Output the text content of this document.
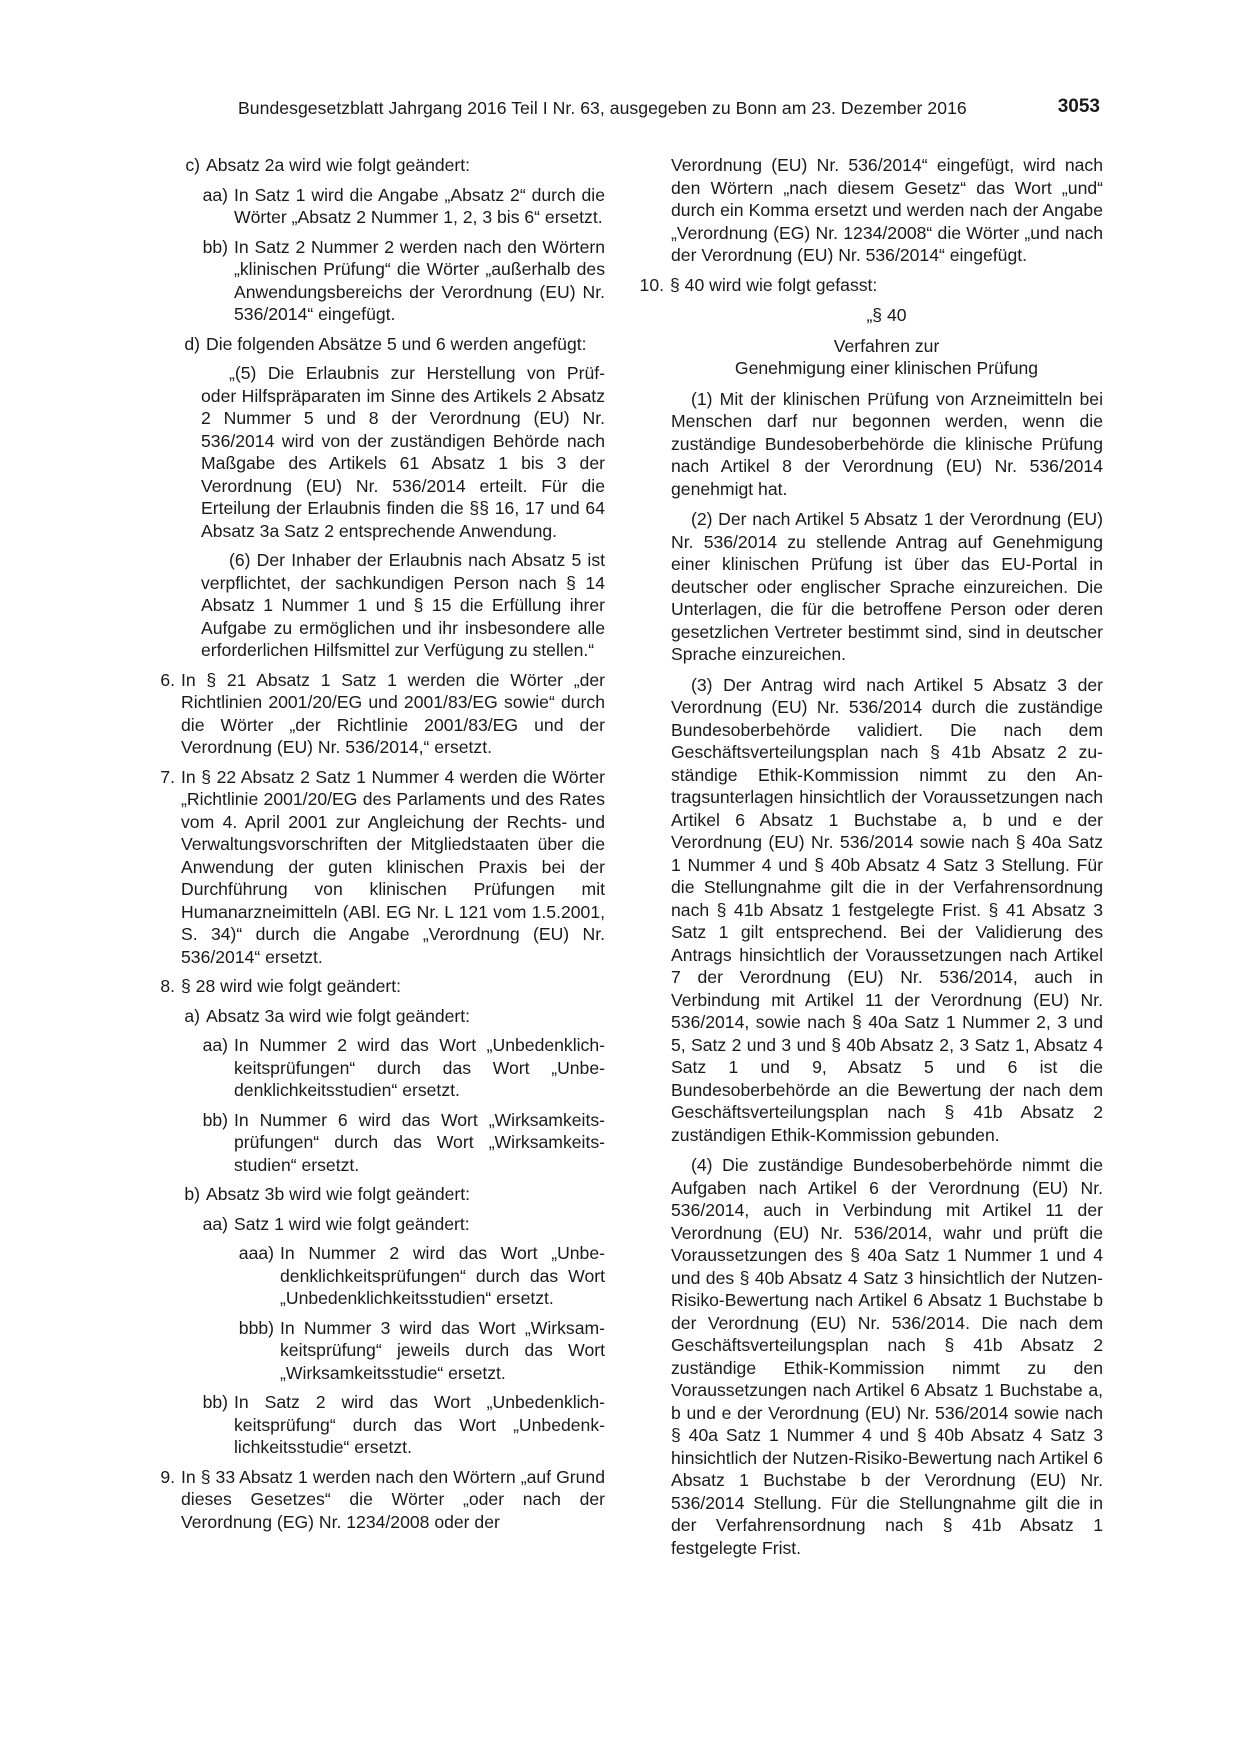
Bundesgesetzblatt Jahrgang 2016 Teil I Nr. 63, ausgegeben zu Bonn am 23. Dezember 2016	3053
c) Absatz 2a wird wie folgt geändert:
aa) In Satz 1 wird die Angabe „Absatz 2“ durch die Wörter „Absatz 2 Nummer 1, 2, 3 bis 6“ ersetzt.
bb) In Satz 2 Nummer 2 werden nach den Wörtern „klinischen Prüfung“ die Wörter „außerhalb des Anwendungsbereichs der Verordnung (EU) Nr. 536/2014“ eingefügt.
d) Die folgenden Absätze 5 und 6 werden angefügt:

„(5) Die Erlaubnis zur Herstellung von Prüf- oder Hilfspräparaten im Sinne des Artikels 2 Absatz 2 Nummer 5 und 8 der Verordnung (EU) Nr. 536/2014 wird von der zuständigen Behörde nach Maßgabe des Artikels 61 Absatz 1 bis 3 der Verordnung (EU) Nr. 536/2014 erteilt. Für die Erteilung der Erlaubnis finden die §§ 16, 17 und 64 Absatz 3a Satz 2 entsprechende Anwendung.

(6) Der Inhaber der Erlaubnis nach Absatz 5 ist verpflichtet, der sachkundigen Person nach § 14 Absatz 1 Nummer 1 und § 15 die Erfüllung ihrer Aufgabe zu ermöglichen und ihr insbesondere alle erforderlichen Hilfsmittel zur Verfügung zu stellen.“

6. In § 21 Absatz 1 Satz 1 werden die Wörter „der Richtlinien 2001/20/EG und 2001/83/EG sowie“ durch die Wörter „der Richtlinie 2001/83/EG und der Verordnung (EU) Nr. 536/2014,“ ersetzt.
7. In § 22 Absatz 2 Satz 1 Nummer 4 werden die Wörter „Richtlinie 2001/20/EG des Parlaments und des Rates vom 4. April 2001 zur Angleichung der Rechts- und Verwaltungsvorschriften der Mitgliedstaaten über die Anwendung der guten klinischen Praxis bei der Durchführung von klinischen Prüfungen mit Humanarzneimitteln (ABl. EG Nr. L 121 vom 1.5.2001, S. 34)“ durch die Angabe „Verordnung (EU) Nr. 536/2014“ ersetzt.
8. § 28 wird wie folgt geändert:
a) Absatz 3a wird wie folgt geändert:
aa) In Nummer 2 wird das Wort „Unbedenklichkeitsprüfungen“ durch das Wort „Unbedenklichkeitsstudien“ ersetzt.
bb) In Nummer 6 wird das Wort „Wirksamkeitsprüfungen“ durch das Wort „Wirksamkeitsstudien“ ersetzt.
b) Absatz 3b wird wie folgt geändert:
aa) Satz 1 wird wie folgt geändert:
aaa) In Nummer 2 wird das Wort „Unbedenklichkeitsprüfungen“ durch das Wort „Unbedenklichkeitsstudien“ ersetzt.
bbb) In Nummer 3 wird das Wort „Wirksamkeitsprüfung“ jeweils durch das Wort „Wirksamkeitsstudie“ ersetzt.
bb) In Satz 2 wird das Wort „Unbedenklichkeitsprüfung“ durch das Wort „Unbedenklichkeitsstudie“ ersetzt.
9. In § 33 Absatz 1 werden nach den Wörtern „auf Grund dieses Gesetzes“ die Wörter „oder nach der Verordnung (EG) Nr. 1234/2008 oder der

Verordnung (EU) Nr. 536/2014“ eingefügt, wird nach den Wörtern „nach diesem Gesetz“ das Wort „und“ durch ein Komma ersetzt und werden nach der Angabe „Verordnung (EG) Nr. 1234/2008“ die Wörter „und nach der Verordnung (EU) Nr. 536/2014“ eingefügt.

10. § 40 wird wie folgt gefasst:

„§ 40

Verfahren zur

Genehmigung einer klinischen Prüfung

(1) Mit der klinischen Prüfung von Arzneimitteln bei Menschen darf nur begonnen werden, wenn die zuständige Bundesoberbehörde die klinische Prüfung nach Artikel 8 der Verordnung (EU) Nr. 536/2014 genehmigt hat.

(2) Der nach Artikel 5 Absatz 1 der Verordnung (EU) Nr. 536/2014 zu stellende Antrag auf Genehmigung einer klinischen Prüfung ist über das EU-Portal in deutscher oder englischer Sprache einzureichen. Die Unterlagen, die für die betroffene Person oder deren gesetzlichen Vertreter bestimmt sind, sind in deutscher Sprache einzureichen.

(3) Der Antrag wird nach Artikel 5 Absatz 3 der Verordnung (EU) Nr. 536/2014 durch die zuständige Bundesoberbehörde validiert. Die nach dem Geschäftsverteilungsplan nach § 41b Absatz 2 zuständige Ethik-Kommission nimmt zu den Antragsunterlagen hinsichtlich der Voraussetzungen nach Artikel 6 Absatz 1 Buchstabe a, b und e der Verordnung (EU) Nr. 536/2014 sowie nach § 40a Satz 1 Nummer 4 und § 40b Absatz 4 Satz 3 Stellung. Für die Stellungnahme gilt die in der Verfahrensordnung nach § 41b Absatz 1 festgelegte Frist. § 41 Absatz 3 Satz 1 gilt entsprechend. Bei der Validierung des Antrags hinsichtlich der Voraussetzungen nach Artikel 7 der Verordnung (EU) Nr. 536/2014, auch in Verbindung mit Artikel 11 der Verordnung (EU) Nr. 536/2014, sowie nach § 40a Satz 1 Nummer 2, 3 und 5, Satz 2 und 3 und § 40b Absatz 2, 3 Satz 1, Absatz 4 Satz 1 und 9, Absatz 5 und 6 ist die Bundesoberbehörde an die Bewertung der nach dem Geschäftsverteilungsplan nach § 41b Absatz 2 zuständigen Ethik-Kommission gebunden.

(4) Die zuständige Bundesoberbehörde nimmt die Aufgaben nach Artikel 6 der Verordnung (EU) Nr. 536/2014, auch in Verbindung mit Artikel 11 der Verordnung (EU) Nr. 536/2014, wahr und prüft die Voraussetzungen des § 40a Satz 1 Nummer 1 und 4 und des § 40b Absatz 4 Satz 3 hinsichtlich der Nutzen-Risiko-Bewertung nach Artikel 6 Absatz 1 Buchstabe b der Verordnung (EU) Nr. 536/2014. Die nach dem Geschäftsverteilungsplan nach § 41b Absatz 2 zuständige Ethik-Kommission nimmt zu den Voraussetzungen nach Artikel 6 Absatz 1 Buchstabe a, b und e der Verordnung (EU) Nr. 536/2014 sowie nach § 40a Satz 1 Nummer 4 und § 40b Absatz 4 Satz 3 hinsichtlich der Nutzen-Risiko-Bewertung nach Artikel 6 Absatz 1 Buchstabe b der Verordnung (EU) Nr. 536/2014 Stellung. Für die Stellungnahme gilt die in der Verfahrensordnung nach § 41b Absatz 1 festgelegte Frist.
